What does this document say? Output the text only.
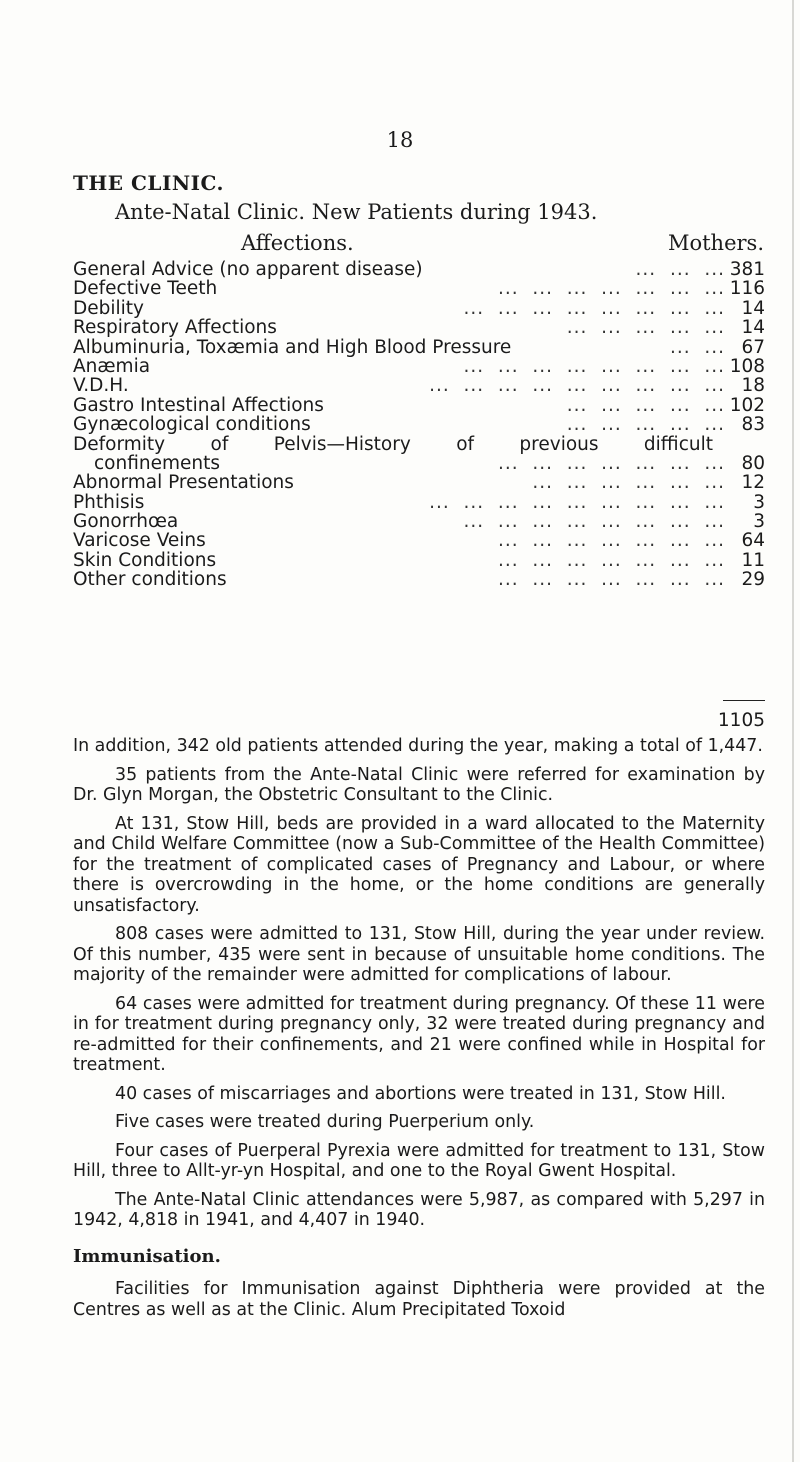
18
THE CLINIC.
Ante-Natal Clinic. New Patients during 1943.
Affections.	Mothers.
General Advice (no apparent disease)	...  ...  ... 381
Defective Teeth	...  ...  ...  ...  ...  ...  ... 116
Debility	...  ...  ...  ...  ...  ...  ...  ... 14
Respiratory Affections	...  ...  ...  ...  ... 14
Albuminuria, Toxæmia and High Blood Pressure	...  ... 67
Anæmia	...  ...  ...  ...  ...  ...  ...  ... 108
V.D.H.	...  ...  ...  ...  ...  ...  ...  ...  ... 18
Gastro Intestinal Affections	...  ...  ...  ...  ... 102
Gynæcological conditions	...  ...  ...  ...  ... 83
Deformity of Pelvis—History of previous difficult
confinements	...  ...  ...  ...  ...  ...  ... 80
Abnormal Presentations	...  ...  ...  ...  ...  ... 12
Phthisis	...  ...  ...  ...  ...  ...  ...  ...  ...	3
Gonorrhœa	...  ...  ...  ...  ...  ...  ...  ...	3
Varicose Veins	...  ...  ...  ...  ...  ...  ... 64
Skin Conditions	...  ...  ...  ...  ...  ...  ... 11
Other conditions	...  ...  ...  ...  ...  ...  ... 29
1105

In addition, 342 old patients attended during the year, making a total of 1,447.

35 patients from the Ante-Natal Clinic were referred for examination by Dr. Glyn Morgan, the Obstetric Consultant to the Clinic.

At 131, Stow Hill, beds are provided in a ward allocated to the Maternity and Child Welfare Committee (now a Sub-Committee of the Health Committee) for the treatment of complicated cases of Pregnancy and Labour, or where there is overcrowding in the home, or the home conditions are generally unsatisfactory.

808 cases were admitted to 131, Stow Hill, during the year under review. Of this number, 435 were sent in because of unsuitable home conditions. The majority of the remainder were admitted for complications of labour.

64 cases were admitted for treatment during pregnancy. Of these 11 were in for treatment during pregnancy only, 32 were treated during pregnancy and re-admitted for their confinements, and 21 were confined while in Hospital for treatment.

40 cases of miscarriages and abortions were treated in 131, Stow Hill.

Five cases were treated during Puerperium only.

Four cases of Puerperal Pyrexia were admitted for treatment to 131, Stow Hill, three to Allt-yr-yn Hospital, and one to the Royal Gwent Hospital.

The Ante-Natal Clinic attendances were 5,987, as compared with 5,297 in 1942, 4,818 in 1941, and 4,407 in 1940.

Immunisation.

Facilities for Immunisation against Diphtheria were provided at the Centres as well as at the Clinic. Alum Precipitated Toxoid
